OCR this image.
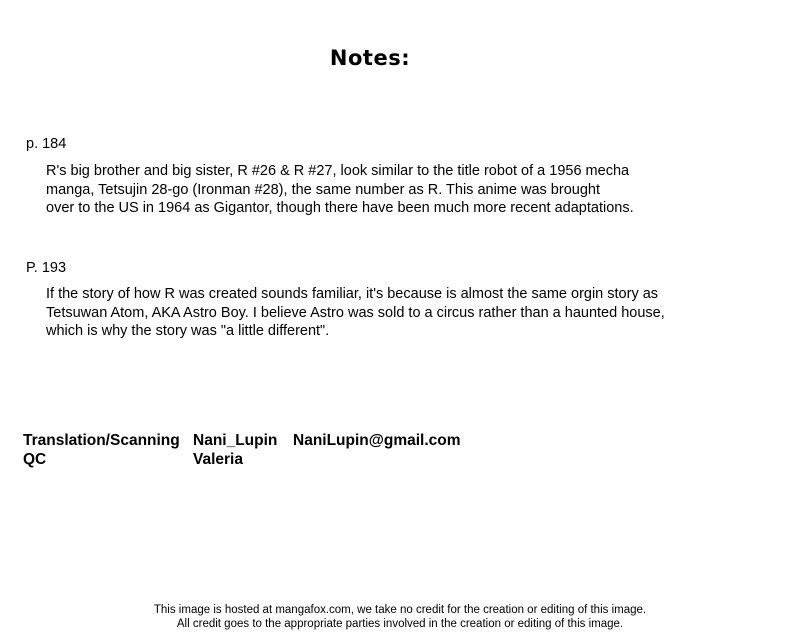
Notes:
p. 184
R's big brother and big sister, R #26 & R #27, look similar to the title robot of a 1956 mecha
manga, Tetsujin 28-go (Ironman #28), the same number as R. This anime was brought
over to the US in 1964 as Gigantor, though there have been much more recent adaptations.
P. 193
If the story of how R was created sounds familiar, it's because is almost the same orgin story as
Tetsuwan Atom, AKA Astro Boy. I believe Astro was sold to a circus rather than a haunted house,
which is why the story was "a little different".
Translation/Scanning Nani_Lupin NaniLupin@gmail.com
QC	Valeria
This image is hosted at mangafox.com, we take no credit for the creation or editing of this image.
All credit goes to the appropriate parties involved in the creation or editing of this image.
